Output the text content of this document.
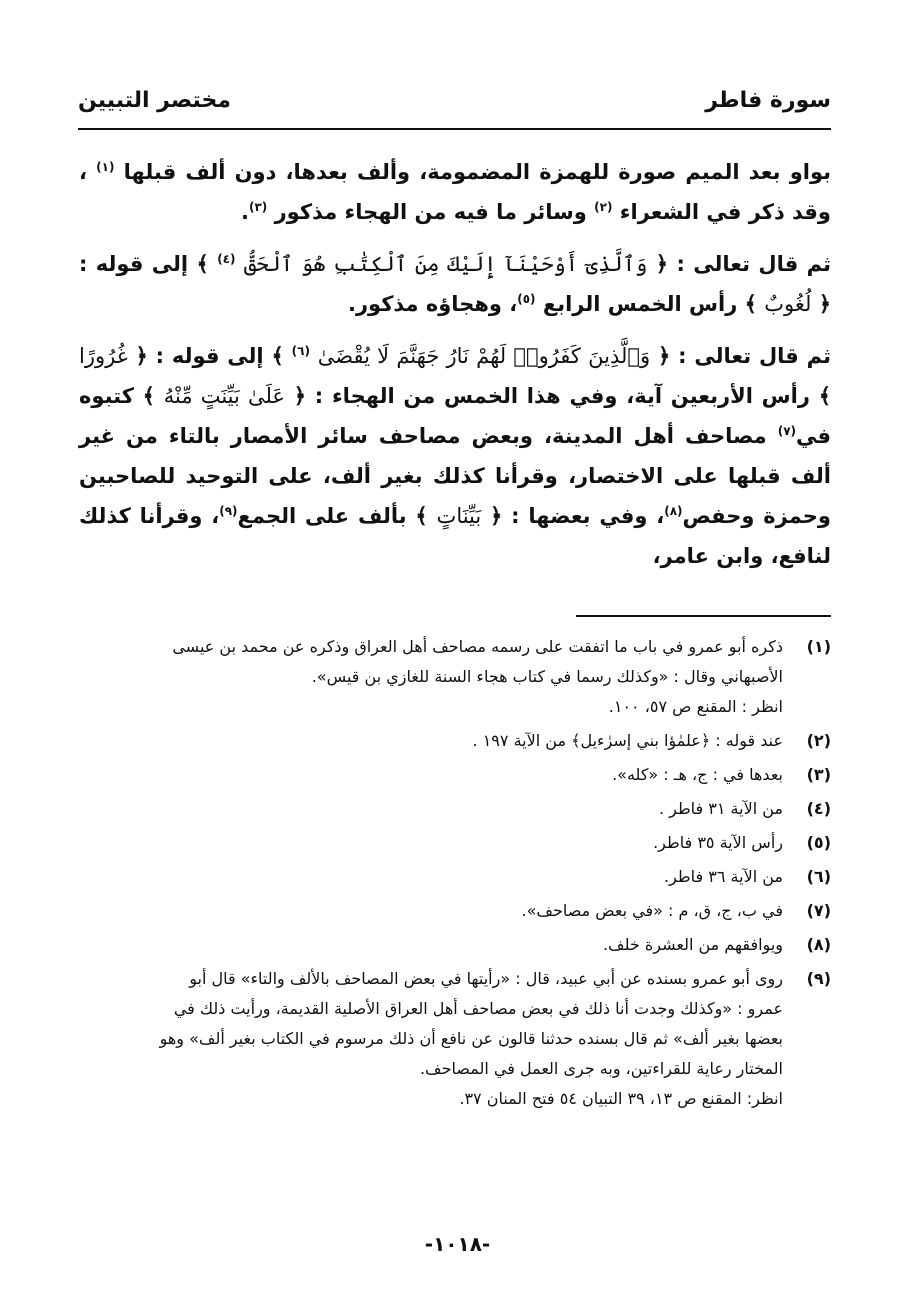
سورة فاطر
مختصر التبيين

بواو بعد الميم صورة للهمزة المضمومة، وألف بعدها، دون ألف قبلها $^{(١)}$ ، وقد ذكر في الشعراء $^{(٢)}$ وسائر ما فيه من الهجاء مذكور $^{(٣)}$.

ثم قال تعالى : ﴿ وَٱلَّذِىٓ أَوْحَيْنَآ إِلَيْكَ مِنَ ٱلْكِتَٰبِ هُوَ ٱلْحَقُّ $^{(٤)}$ ﴾ إلى قوله : ﴿ لُغُوبٌ ﴾ رأس الخمس الرابع $^{(٥)}$، وهجاؤه مذكور.

ثم قال تعالى : ﴿ وَٱلَّذِينَ كَفَرُوا۟ لَهُمْ نَارُ جَهَنَّمَ لَا يُقْضَىٰ $^{(٦)}$ ﴾ إلى قوله : ﴿ غُرُورًا ﴾ رأس الأربعين آية، وفي هذا الخمس من الهجاء : ﴿ عَلَىٰ بَيِّنَتٍ مِّنْهُ ﴾ كتبوه في$^{(٧)}$ مصاحف أهل المدينة، وبعض مصاحف سائر الأمصار بالتاء من غير ألف قبلها على الاختصار، وقرأنا كذلك بغير ألف، على التوحيد للصاحبين وحمزة وحفص$^{(٨)}$، وفي بعضها : ﴿ بَيِّنَاتٍ ﴾ بألف على الجمع$^{(٩)}$، وقرأنا كذلك لنافع، وابن عامر،

(١)
ذكره أبو عمرو في باب ما اتفقت على رسمه مصاحف أهل العراق وذكره عن محمد بن عيسى
الأصبهاني وقال : «وكذلك رسما في كتاب هجاء السنة للغازي بن قيس».
انظر : المقنع ص ٥٧، ١٠٠.
(٢)
عند قوله : ﴿علمٰؤا بني إسرٰءيل﴾ من الآية ١٩٧ .
(٣)
بعدها في : ج، هـ : «كله».
(٤)
من الآية ٣١ فاطر .
(٥)
رأس الآية ٣٥ فاطر.
(٦)
من الآية ٣٦ فاطر.
(٧)
في ب، ج، ق، م : «في بعض مصاحف».
(٨)
ويوافقهم من العشرة خلف.
(٩)
روى أبو عمرو بسنده عن أبي عبيد، قال : «رأيتها في بعض المصاحف بالألف والتاء» قال أبو
عمرو : «وكذلك وجدت أنا ذلك في بعض مصاحف أهل العراق الأصلية القديمة، ورأيت ذلك في
بعضها بغير ألف» ثم قال بسنده حدثنا قالون عن نافع أن ذلك مرسوم في الكتاب بغير ألف» وهو
المختار رعاية للقراءتين، وبه جرى العمل في المصاحف.
انظر: المقنع ص ١٣، ٣٩ التبيان ٥٤ فتح المنان ٣٧.
-١٠١٨-
